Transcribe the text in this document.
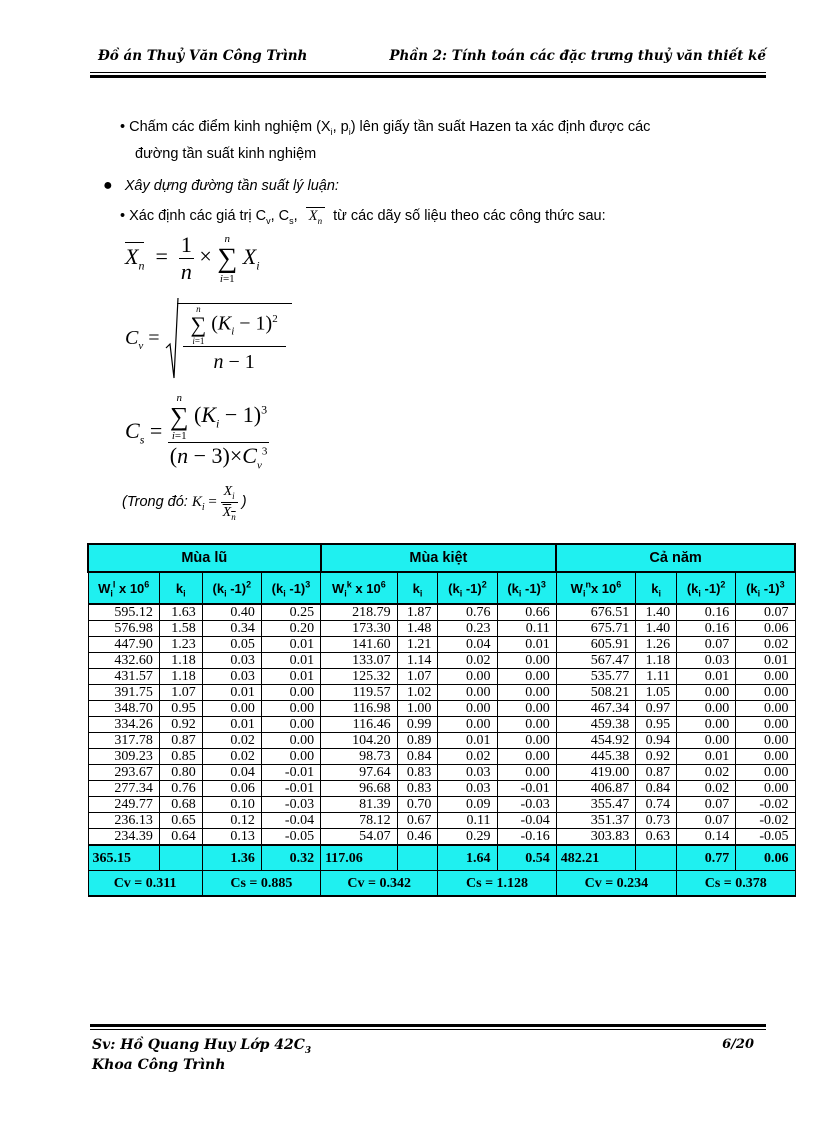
Đồ án Thuỷ Văn Công Trình	Phần 2: Tính toán các đặc trưng thuỷ văn thiết kế
• Chấm các điểm kinh nghiệm ($X_i$, $p_i$) lên giấy tần suất Hazen ta xác định được các
đường tần suất kinh nghiệm
● Xây dựng đường tần suất lý luận:
• Xác định các giá trị $C_v$, $C_s$, $X_n$ từ các dãy số liệu theo các công thức sau:
$X_n = \frac{1}{n}$ ×
n
∑
i=1
$X_i$
$C_v$ =	n
∑
i=1
$(K_i - 1)^2$
n − 1
$C_s = n$
∑
i=1
$(K_i - 1)^3$
$(n - 3)\times C_v^3$
(Trong đó: $K_i = \frac{X_i}{X_n}$ )
Mùa lũ				Mùa kiệt				Cả năm			
$W_i^l$ x $10^6$	$k_i$	($k_i$ -1)$^2$	($k_i$ -1)$^3$	$W_i^k$ x $10^6$	$k_i$	($k_i$ -1)$^2$	($k_i$ -1)$^3$	$W_i^nx$ $10^6$	$k_i$	($k_i$ -1)$^2$	($k_i$ -1)$^3$
595.12	1.63	0.40	0.25	218.79	1.87	0.76	0.66	676.51	1.40	0.16	0.07
576.98	1.58	0.34	0.20	173.30	1.48	0.23	0.11	675.71	1.40	0.16	0.06
447.90	1.23	0.05	0.01	141.60	1.21	0.04	0.01	605.91	1.26	0.07	0.02
432.60	1.18	0.03	0.01	133.07	1.14	0.02	0.00	567.47	1.18	0.03	0.01
431.57	1.18	0.03	0.01	125.32	1.07	0.00	0.00	535.77	1.11	0.01	0.00
391.75	1.07	0.01	0.00	119.57	1.02	0.00	0.00	508.21	1.05	0.00	0.00
348.70	0.95	0.00	0.00	116.98	1.00	0.00	0.00	467.34	0.97	0.00	0.00
334.26	0.92	0.01	0.00	116.46	0.99	0.00	0.00	459.38	0.95	0.00	0.00
317.78	0.87	0.02	0.00	104.20	0.89	0.01	0.00	454.92	0.94	0.00	0.00
309.23	0.85	0.02	0.00	98.73	0.84	0.02	0.00	445.38	0.92	0.01	0.00
293.67	0.80	0.04	-0.01	97.64	0.83	0.03	0.00	419.00	0.87	0.02	0.00
277.34	0.76	0.06	-0.01	96.68	0.83	0.03	-0.01	406.87	0.84	0.02	0.00
249.77	0.68	0.10	-0.03	81.39	0.70	0.09	-0.03	355.47	0.74	0.07	-0.02
236.13	0.65	0.12	-0.04	78.12	0.67	0.11	-0.04	351.37	0.73	0.07	-0.02
234.39	0.64	0.13	-0.05	54.07	0.46	0.29	-0.16	303.83	0.63	0.14	-0.05
365.15		1.36	0.32	117.06		1.64	0.54	482.21		0.77	0.06
Cv = 0.311		Cs = 0.885		Cv = 0.342		Cs = 1.128		Cv = 0.234		Cs = 0.378	
Sv: Hồ Quang Huy Lớp $42C_3$
Khoa Công Trình
6/20
